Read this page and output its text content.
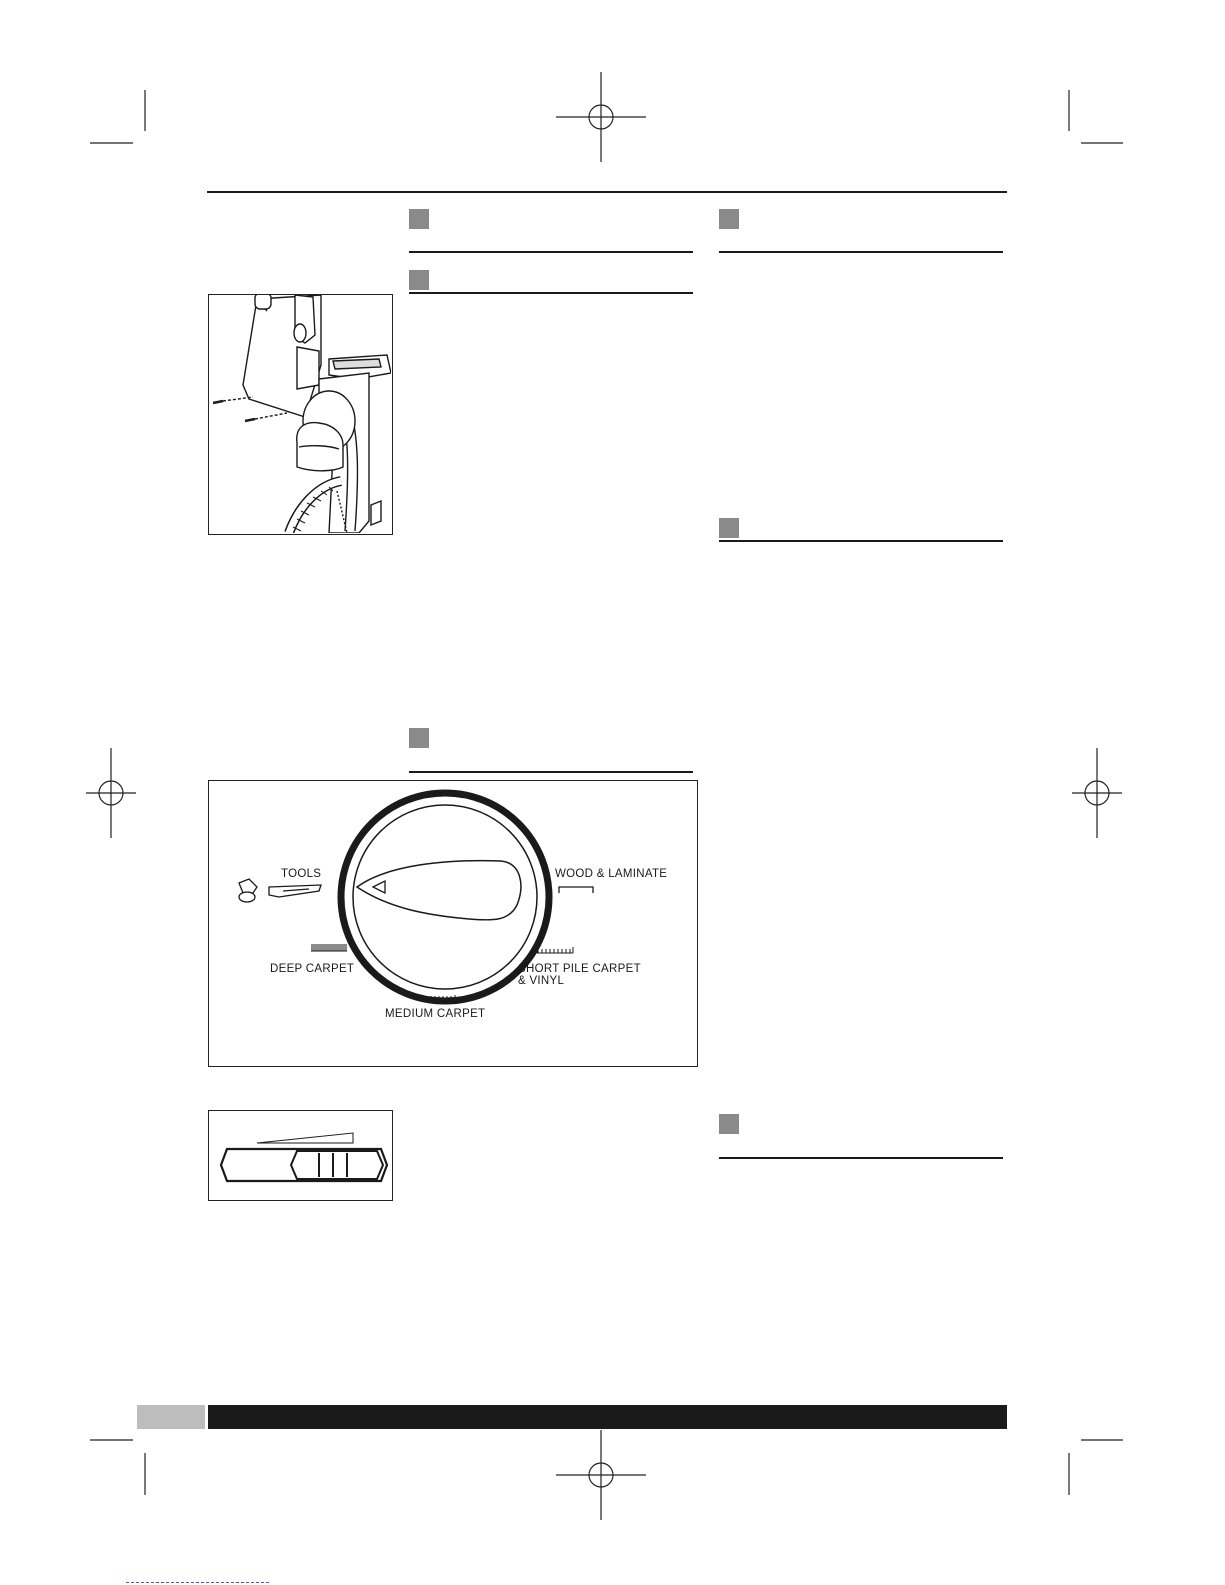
TOOLS	WOOD & LAMINATE
DEEP CARPET	SHORT PILE CARPET
& VINYL
MEDIUM CARPET
